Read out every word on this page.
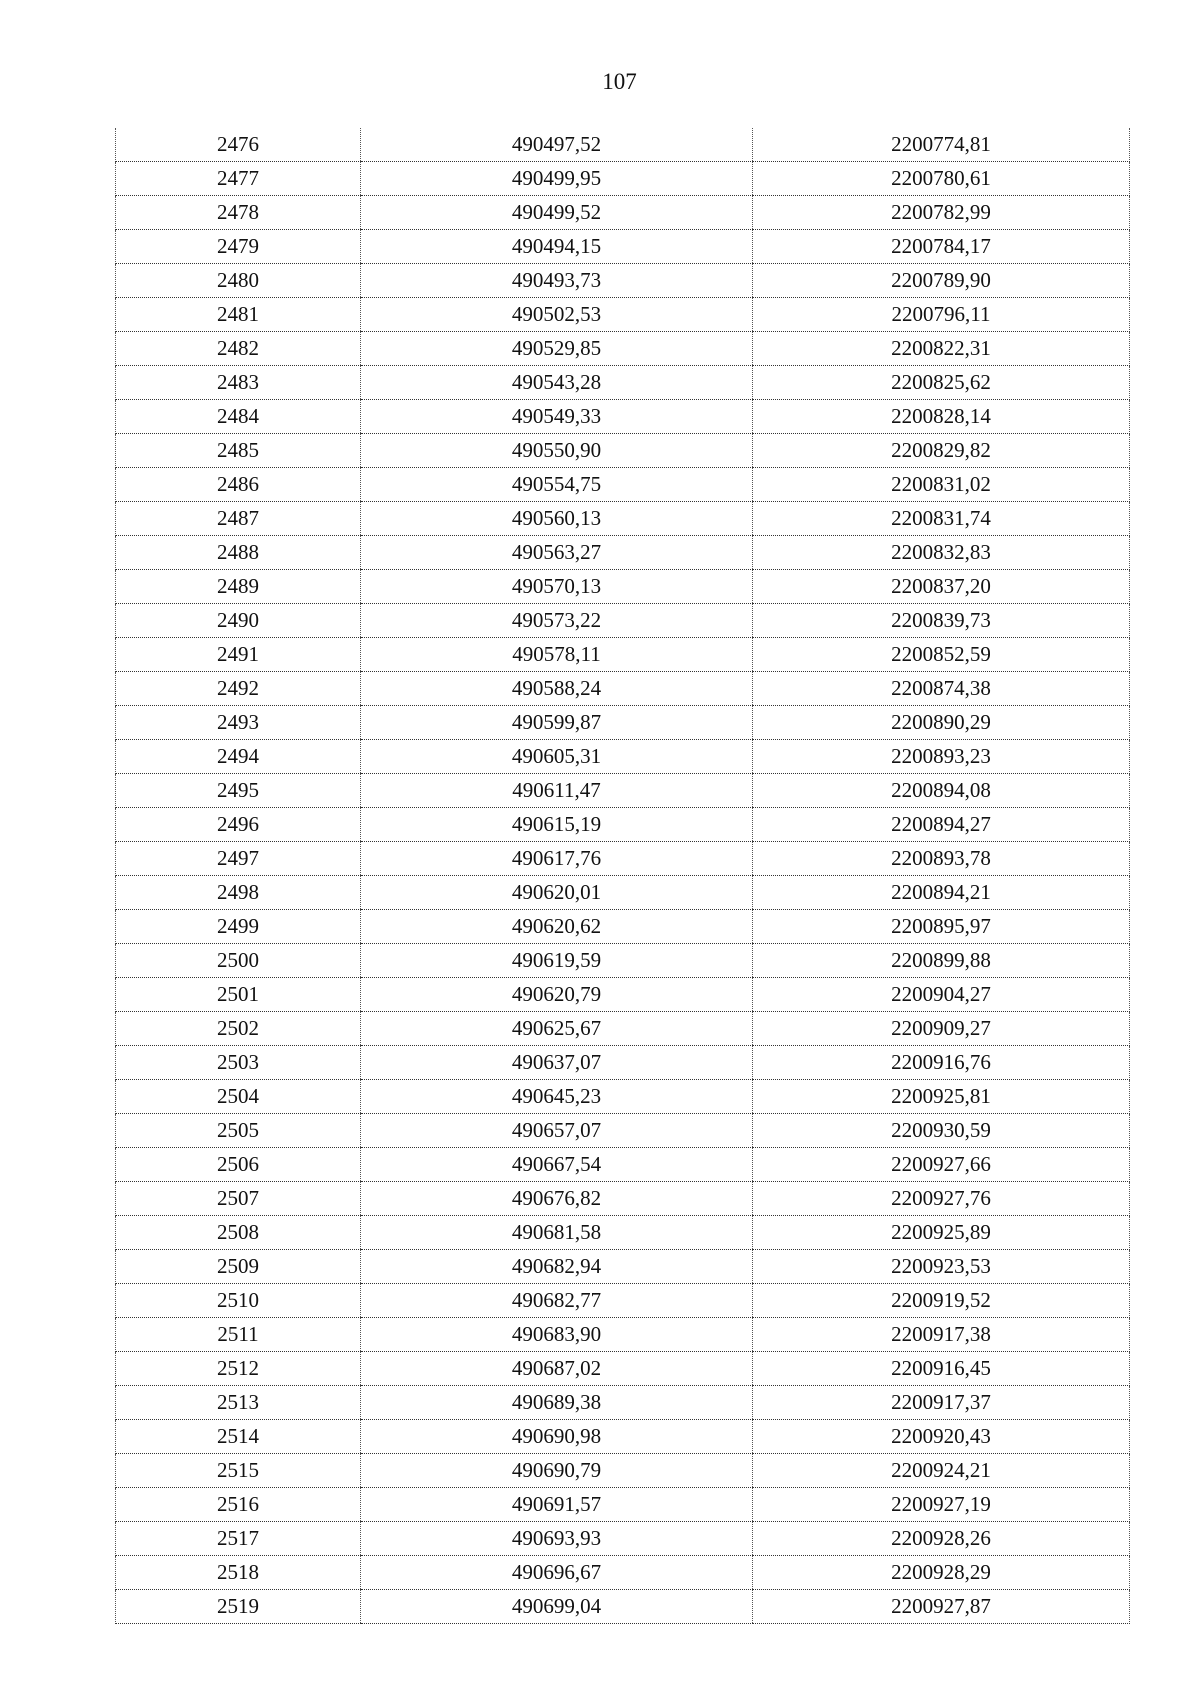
107
2476	490497,52	2200774,81
2477	490499,95	2200780,61
2478	490499,52	2200782,99
2479	490494,15	2200784,17
2480	490493,73	2200789,90
2481	490502,53	2200796,11
2482	490529,85	2200822,31
2483	490543,28	2200825,62
2484	490549,33	2200828,14
2485	490550,90	2200829,82
2486	490554,75	2200831,02
2487	490560,13	2200831,74
2488	490563,27	2200832,83
2489	490570,13	2200837,20
2490	490573,22	2200839,73
2491	490578,11	2200852,59
2492	490588,24	2200874,38
2493	490599,87	2200890,29
2494	490605,31	2200893,23
2495	490611,47	2200894,08
2496	490615,19	2200894,27
2497	490617,76	2200893,78
2498	490620,01	2200894,21
2499	490620,62	2200895,97
2500	490619,59	2200899,88
2501	490620,79	2200904,27
2502	490625,67	2200909,27
2503	490637,07	2200916,76
2504	490645,23	2200925,81
2505	490657,07	2200930,59
2506	490667,54	2200927,66
2507	490676,82	2200927,76
2508	490681,58	2200925,89
2509	490682,94	2200923,53
2510	490682,77	2200919,52
2511	490683,90	2200917,38
2512	490687,02	2200916,45
2513	490689,38	2200917,37
2514	490690,98	2200920,43
2515	490690,79	2200924,21
2516	490691,57	2200927,19
2517	490693,93	2200928,26
2518	490696,67	2200928,29
2519	490699,04	2200927,87
